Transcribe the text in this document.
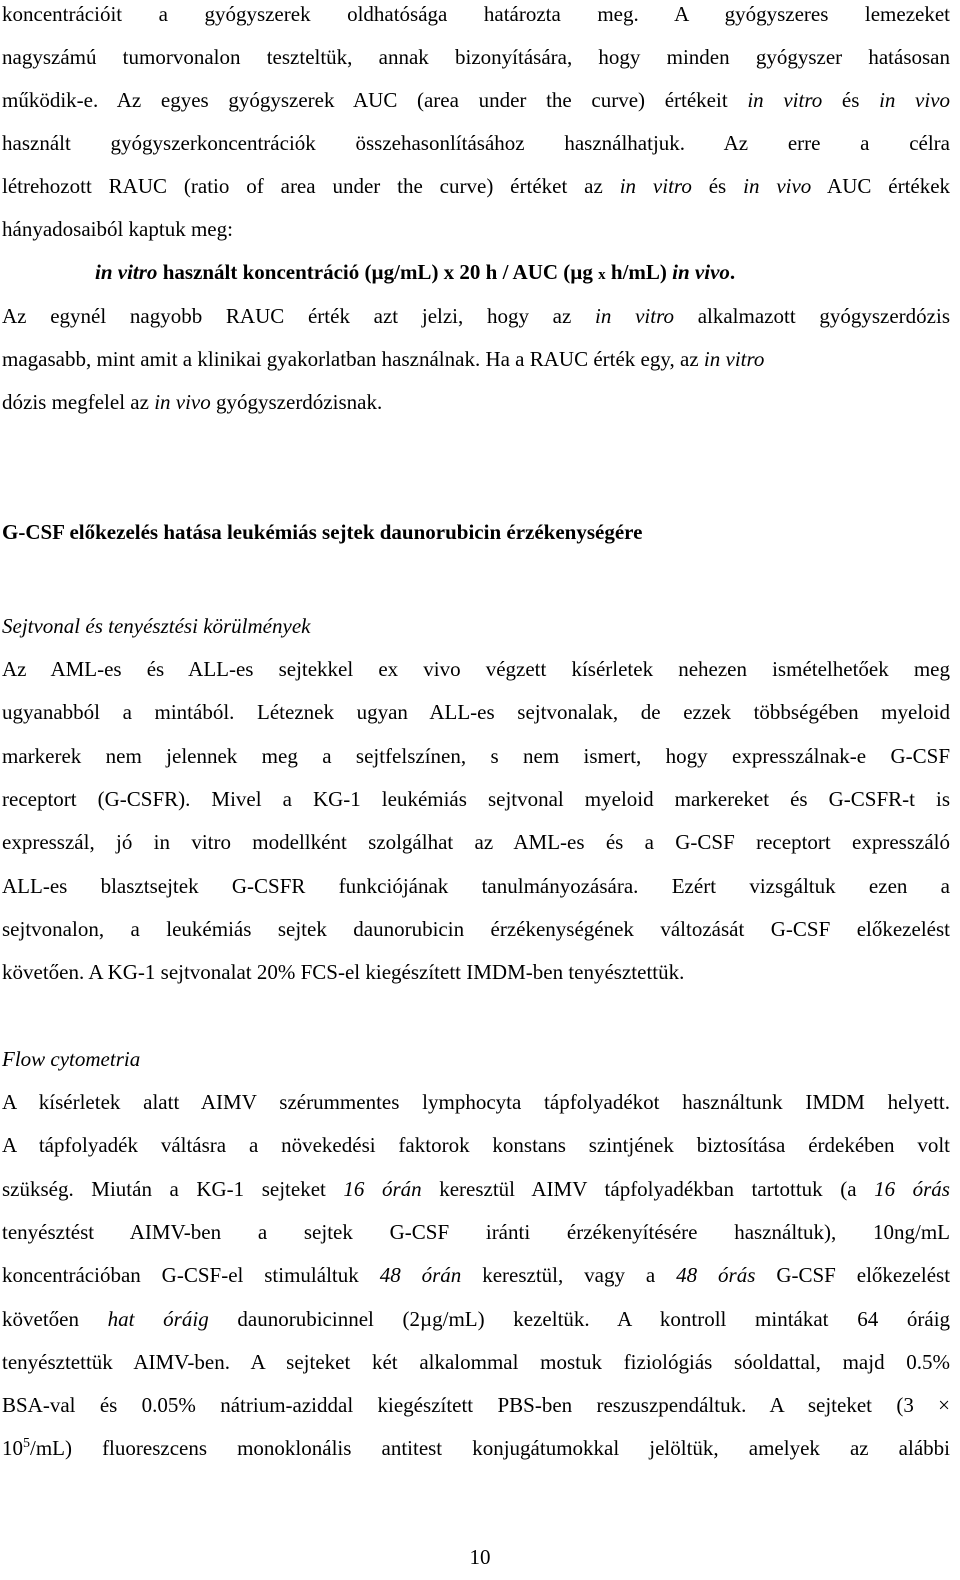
koncentrációit a gyógyszerek oldhatósága határozta meg. A gyógyszeres lemezeket
nagyszámú tumorvonalon teszteltük, annak bizonyítására, hogy minden gyógyszer hatásosan
működik-e. Az egyes gyógyszerek AUC (area under the curve) értékeit in vitro és in vivo
használt gyógyszerkoncentrációk összehasonlításához használhatjuk. Az erre a célra
létrehozott RAUC (ratio of area under the curve) értéket az in vitro és in vivo AUC értékek
hányadosaiból kaptuk meg:
in vitro használt koncentráció (µg/mL) x 20 h / AUC (µg x h/mL) in vivo.
Az egynél nagyobb RAUC érték azt jelzi, hogy az in vitro alkalmazott gyógyszerdózis
magasabb, mint amit a klinikai gyakorlatban használnak. Ha a RAUC érték egy, az in vitro
dózis megfelel az in vivo gyógyszerdózisnak.
G-CSF előkezelés hatása leukémiás sejtek daunorubicin érzékenységére
Sejtvonal és tenyésztési körülmények
Az AML-es és ALL-es sejtekkel ex vivo végzett kísérletek nehezen ismételhetőek meg
ugyanabból a mintából. Léteznek ugyan ALL-es sejtvonalak, de ezzek többségében myeloid
markerek nem jelennek meg a sejtfelszínen, s nem ismert, hogy expresszálnak-e G-CSF
receptort (G-CSFR). Mivel a KG-1 leukémiás sejtvonal myeloid markereket és G-CSFR-t is
expresszál, jó in vitro modellként szolgálhat az AML-es és a G-CSF receptort expresszáló
ALL-es blasztsejtek G-CSFR funkciójának tanulmányozására. Ezért vizsgáltuk ezen a
sejtvonalon, a leukémiás sejtek daunorubicin érzékenységének változását G-CSF előkezelést
követően. A KG-1 sejtvonalat 20% FCS-el kiegészített IMDM-ben tenyésztettük.
Flow cytometria
A kísérletek alatt AIMV szérummentes lymphocyta tápfolyadékot használtunk IMDM helyett.
A tápfolyadék váltásra a növekedési faktorok konstans szintjének biztosítása érdekében volt
szükség. Miután a KG-1 sejteket 16 órán keresztül AIMV tápfolyadékban tartottuk (a 16 órás
tenyésztést AIMV-ben a sejtek G-CSF iránti érzékenyítésére használtuk), 10ng/mL
koncentrációban G-CSF-el stimuláltuk 48 órán keresztül, vagy a 48 órás G-CSF előkezelést
követően hat óráig daunorubicinnel (2µg/mL) kezeltük. A kontroll mintákat 64 óráig
tenyésztettük AIMV-ben. A sejteket két alkalommal mostuk fiziológiás sóoldattal, majd 0.5%
BSA-val és 0.05% nátrium-aziddal kiegészített PBS-ben reszuszpendáltuk. A sejteket (3 ×
$10^5/mL$) fluoreszcens monoklonális antitest konjugátumokkal jelöltük, amelyek az alábbi
10
